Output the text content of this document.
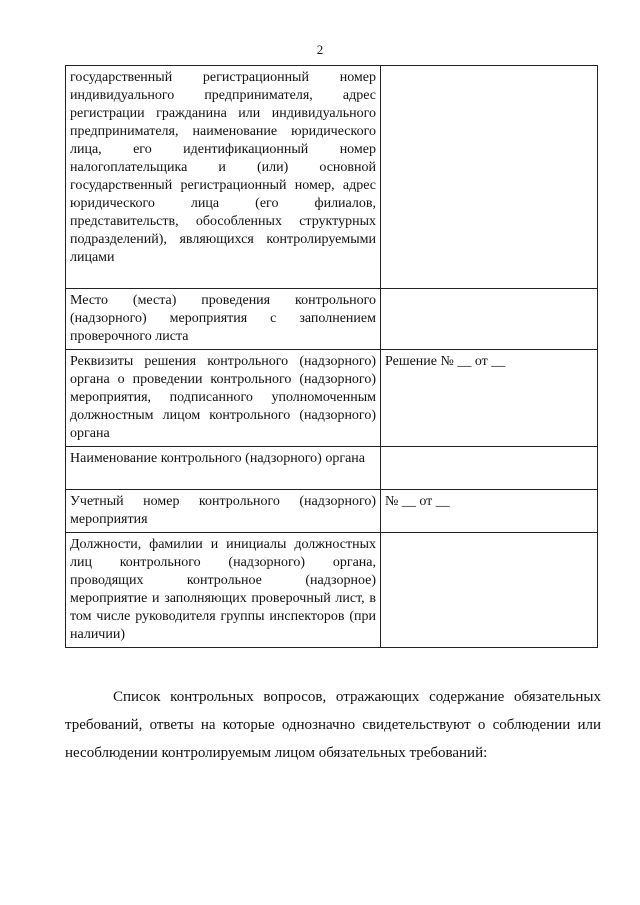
2
государственный регистрационный номер индивидуального предпринимателя, адрес регистрации гражданина или индивидуального предпринимателя, наименование юридического лица, его идентификационный номер налогоплательщика и (или) основной государственный регистрационный номер, адрес юридического лица (его филиалов, представительств, обособленных структурных подразделений), являющихся контролируемыми лицами	
Место (места) проведения контрольного (надзорного) мероприятия с заполнением проверочного листа	
Реквизиты решения контрольного (надзорного) органа о проведении контрольного (надзорного) мероприятия, подписанного уполномоченным должностным лицом контрольного (надзорного) органа	Решение № __ от __
Наименование контрольного (надзорного) органа	
Учетный номер контрольного (надзорного) мероприятия	№ __ от __
Должности, фамилии и инициалы должностных лиц контрольного (надзорного) органа, проводящих контрольное (надзорное) мероприятие и заполняющих проверочный лист, в том числе руководителя группы инспекторов (при наличии)	

Список контрольных вопросов, отражающих содержание обязательных требований, ответы на которые однозначно свидетельствуют о соблюдении или несоблюдении контролируемым лицом обязательных требований:
